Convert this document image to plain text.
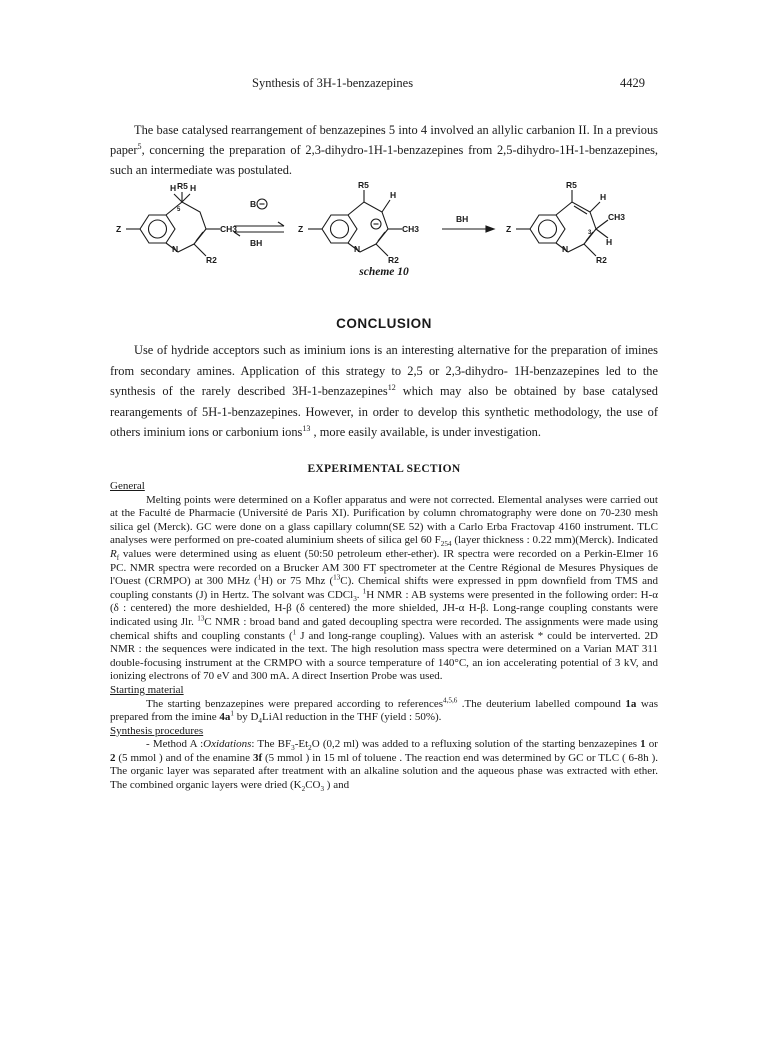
Synthesis of 3H-1-benzazepines	4429
The base catalysed rearrangement of benzazepines 5 into 4 involved an allylic carbanion II. In a previous paper$^5$, concerning the preparation of 2,3-dihydro-1H-1-benzazepines from 2,5-dihydro-1H-1-benzazepines, such an intermediate was postulated.
Z
H R5 H
5
CH3
N
R2
B
BH
Z
R5
H
CH3
N
R2
BH
Z
R5
H
CH3
3
H
N
R2
scheme 10
CONCLUSION
Use of hydride acceptors such as iminium ions is an interesting alternative for the preparation of imines from secondary amines. Application of this strategy to 2,5 or 2,3-dihydro- 1H-benzazepines led to the synthesis of the rarely described 3H-1-benzazepines$^{12}$ which may also be obtained by base catalysed rearangements of 5H-1-benzazepines. However, in order to develop this synthetic methodology, the use of others iminium ions or carbonium ions$^{13}$ , more easily available, is under investigation.
EXPERIMENTAL SECTION
General

Melting points were determined on a Kofler apparatus and were not corrected. Elemental analyses were carried out at the Faculté de Pharmacie (Université de Paris XI). Purification by column chromatography were done on 70-230 mesh silica gel (Merck). GC were done on a glass capillary column(SE 52) with a Carlo Erba Fractovap 4160 instrument. TLC analyses were performed on pre-coated aluminium sheets of silica gel 60 $F_{254}$ (layer thickness : 0.22 mm)(Merck). Indicated $R_f$ values were determined using as eluent (50:50 petroleum ether-ether). IR spectra were recorded on a Perkin-Elmer 16 PC. NMR spectra were recorded on a Brucker AM 300 FT spectrometer at the Centre Régional de Mesures Physiques de l'Ouest (CRMPO) at 300 MHz ($^1$H) or 75 Mhz ($^{13}$C). Chemical shifts were expressed in ppm downfield from TMS and coupling constants (J) in Hertz. The solvant was CDCl$_3$. $^1$H NMR : AB systems were presented in the following order: H-α (δ : centered) the more deshielded, H-β (δ centered) the more shielded, JH-α H-β. Long-range coupling constants were indicated using Jlr. $^{13}$C NMR : broad band and gated decoupling spectra were recorded. The assignments were made using chemical shifts and coupling constants ($^1$ J and long-range coupling). Values with an asterisk * could be interverted. 2D NMR : the sequences were indicated in the text. The high resolution mass spectra were determined on a Varian MAT 311 double-focusing instrument at the CRMPO with a source temperature of 140°C, an ion accelerating potential of 3 kV, and ionizing electrons of 70 eV and 300 mA. A direct Insertion Probe was used.

Starting material

The starting benzazepines were prepared according to references$^{4,5,6}$ .The deuterium labelled compound 1a was prepared from the imine $4a^1$ by $D_4LiAl$ reduction in the THF (yield : 50%).

Synthesis procedures

- Method A :Oxidations: The $BF_3-Et_2O$ (0,2 ml) was added to a refluxing solution of the starting benzazepines 1 or 2 (5 mmol ) and of the enamine 3f (5 mmol ) in 15 ml of toluene . The reaction end was determined by GC or TLC ( 6-8h ). The organic layer was separated after treatment with an alkaline solution and the aqueous phase was extracted with ether. The combined organic layers were dried ($K_2CO_3$ ) and
